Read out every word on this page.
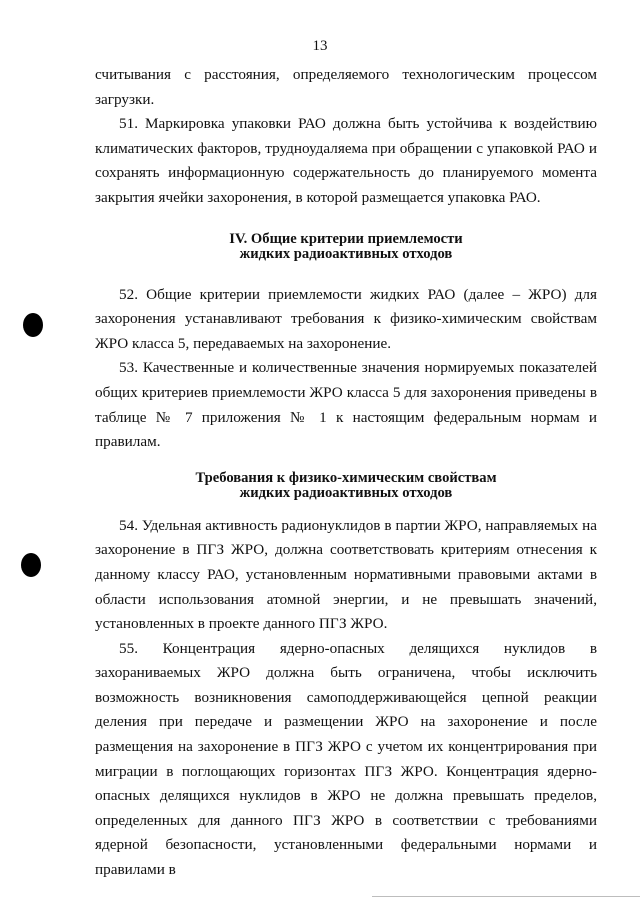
13

считывания с расстояния, определяемого технологическим процессом загрузки.

51. Маркировка упаковки РАО должна быть устойчива к воздействию климатических факторов, трудноудаляема при обращении с упаковкой РАО и сохранять информационную содержательность до планируемого момента закрытия ячейки захоронения, в которой размещается упаковка РАО.

IV. Общие критерии приемлемости
жидких радиоактивных отходов

52. Общие критерии приемлемости жидких РАО (далее – ЖРО) для захоронения устанавливают требования к физико-химическим свойствам ЖРО класса 5, передаваемых на захоронение.

53. Качественные и количественные значения нормируемых показателей общих критериев приемлемости ЖРО класса 5 для захоронения приведены в таблице № 7 приложения № 1 к настоящим федеральным нормам и правилам.

Требования к физико-химическим свойствам
жидких радиоактивных отходов

54. Удельная активность радионуклидов в партии ЖРО, направляемых на захоронение в ПГЗ ЖРО, должна соответствовать критериям отнесения к данному классу РАО, установленным нормативными правовыми актами в области использования атомной энергии, и не превышать значений, установленных в проекте данного ПГЗ ЖРО.

55. Концентрация ядерно-опасных делящихся нуклидов в захораниваемых ЖРО должна быть ограничена, чтобы исключить возможность возникновения самоподдерживающейся цепной реакции деления при передаче и размещении ЖРО на захоронение и после размещения на захоронение в ПГЗ ЖРО с учетом их концентрирования при миграции в поглощающих горизонтах ПГЗ ЖРО. Концентрация ядерно-опасных делящихся нуклидов в ЖРО не должна превышать пределов, определенных для данного ПГЗ ЖРО в соответствии с требованиями ядерной безопасности, установленными федеральными нормами и правилами в
